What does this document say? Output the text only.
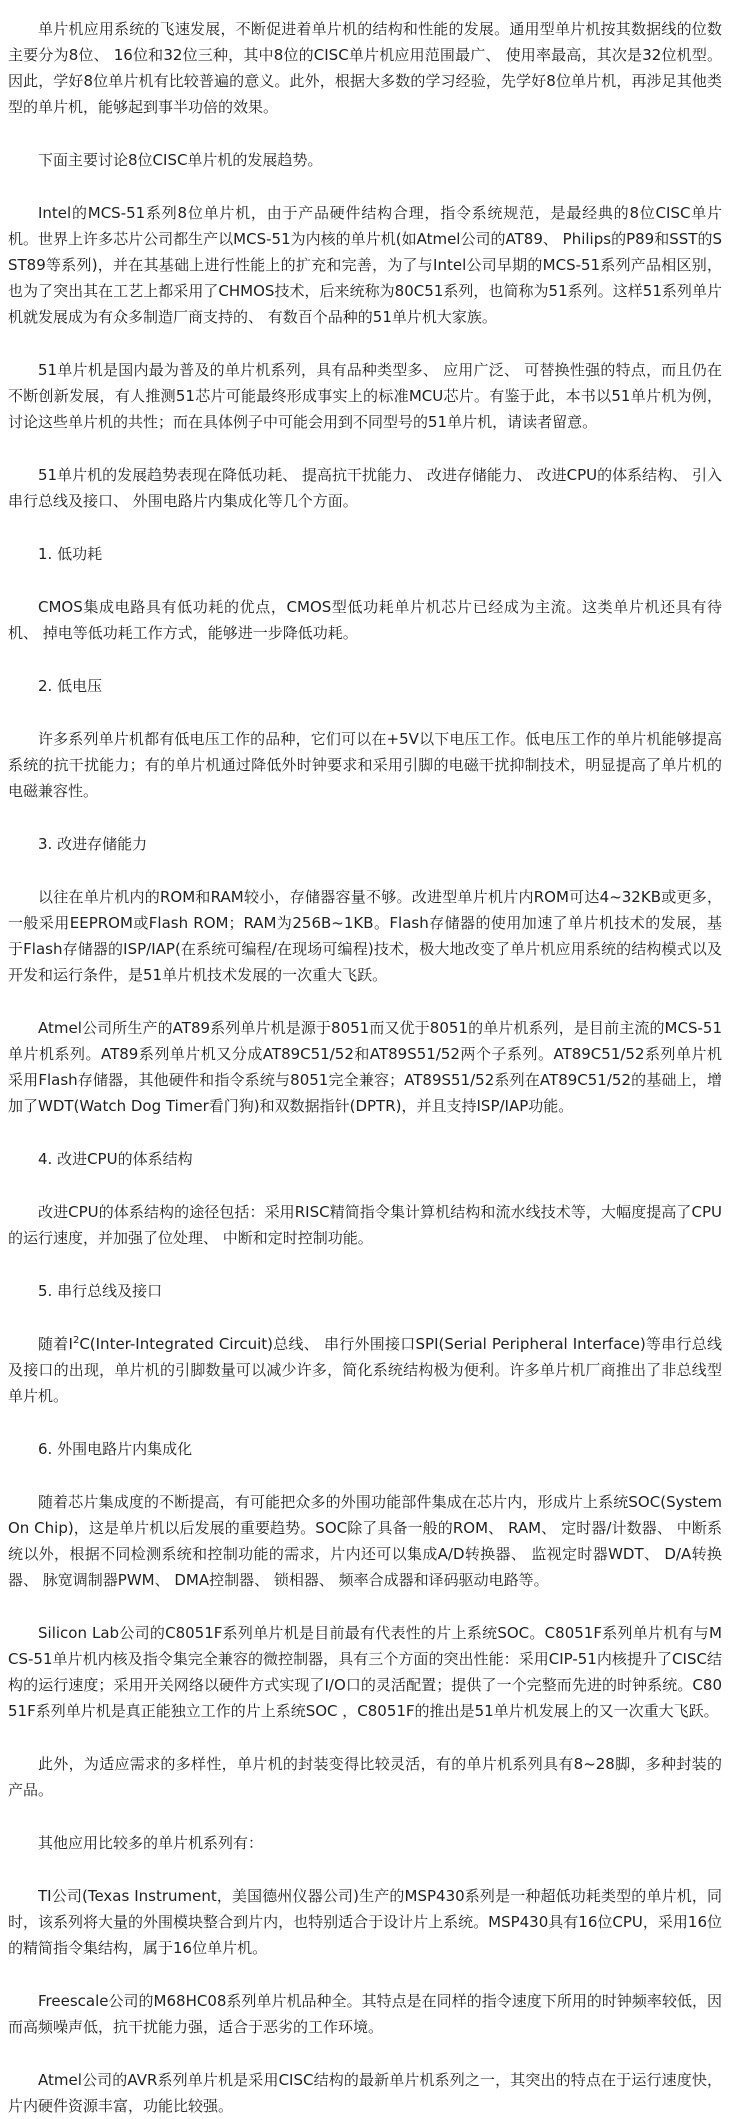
单片机应用系统的飞速发展，不断促进着单片机的结构和性能的发展。通用型单片机按其数据线的位数主要分为8位、 16位和32位三种，其中8位的CISC单片机应用范围最广、 使用率最高，其次是32位机型。因此，学好8位单片机有比较普遍的意义。此外，根据大多数的学习经验，先学好8位单片机，再涉足其他类型的单片机，能够起到事半功倍的效果。

下面主要讨论8位CISC单片机的发展趋势。

Intel的MCS-51系列8位单片机，由于产品硬件结构合理，指令系统规范，是最经典的8位CISC单片机。世界上许多芯片公司都生产以MCS-51为内核的单片机(如Atmel公司的AT89、 Philips的P89和SST的SST89等系列)，并在其基础上进行性能上的扩充和完善，为了与Intel公司早期的MCS-51系列产品相区别，也为了突出其在工艺上都采用了CHMOS技术，后来统称为80C51系列，也简称为51系列。这样51系列单片机就发展成为有众多制造厂商支持的、 有数百个品种的51单片机大家族。

51单片机是国内最为普及的单片机系列，具有品种类型多、 应用广泛、 可替换性强的特点，而且仍在不断创新发展，有人推测51芯片可能最终形成事实上的标准MCU芯片。有鉴于此，本书以51单片机为例，讨论这些单片机的共性；而在具体例子中可能会用到不同型号的51单片机，请读者留意。

51单片机的发展趋势表现在降低功耗、 提高抗干扰能力、 改进存储能力、 改进CPU的体系结构、 引入串行总线及接口、 外围电路片内集成化等几个方面。

1. 低功耗

CMOS集成电路具有低功耗的优点，CMOS型低功耗单片机芯片已经成为主流。这类单片机还具有待机、 掉电等低功耗工作方式，能够进一步降低功耗。

2. 低电压

许多系列单片机都有低电压工作的品种，它们可以在+5V以下电压工作。低电压工作的单片机能够提高系统的抗干扰能力；有的单片机通过降低外时钟要求和采用引脚的电磁干扰抑制技术，明显提高了单片机的电磁兼容性。

3. 改进存储能力

以往在单片机内的ROM和RAM较小，存储器容量不够。改进型单片机片内ROM可达4~32KB或更多，一般采用EEPROM或Flash ROM；RAM为256B~1KB。Flash存储器的使用加速了单片机技术的发展，基于Flash存储器的ISP/IAP(在系统可编程/在现场可编程)技术，极大地改变了单片机应用系统的结构模式以及开发和运行条件，是51单片机技术发展的一次重大飞跃。

Atmel公司所生产的AT89系列单片机是源于8051而又优于8051的单片机系列，是目前主流的MCS-51单片机系列。AT89系列单片机又分成AT89C51/52和AT89S51/52两个子系列。AT89C51/52系列单片机采用Flash存储器，其他硬件和指令系统与8051完全兼容；AT89S51/52系列在AT89C51/52的基础上，增加了WDT(Watch Dog Timer看门狗)和双数据指针(DPTR)，并且支持ISP/IAP功能。

4. 改进CPU的体系结构

改进CPU的体系结构的途径包括：采用RISC精简指令集计算机结构和流水线技术等，大幅度提高了CPU的运行速度，并加强了位处理、 中断和定时控制功能。

5. 串行总线及接口

随着$I^2C(Inter$-Integrated Circuit)总线、 串行外围接口SPI(Serial Peripheral Interface)等串行总线及接口的出现，单片机的引脚数量可以减少许多，简化系统结构极为便利。许多单片机厂商推出了非总线型单片机。

6. 外围电路片内集成化

随着芯片集成度的不断提高，有可能把众多的外围功能部件集成在芯片内，形成片上系统SOC(System On Chip)，这是单片机以后发展的重要趋势。SOC除了具备一般的ROM、 RAM、 定时器/计数器、 中断系统以外，根据不同检测系统和控制功能的需求，片内还可以集成A/D转换器、 监视定时器WDT、 D/A转换器、 脉宽调制器PWM、 DMA控制器、 锁相器、 频率合成器和译码驱动电路等。

Silicon Lab公司的C8051F系列单片机是目前最有代表性的片上系统SOC。C8051F系列单片机有与MCS-51单片机内核及指令集完全兼容的微控制器，具有三个方面的突出性能：采用CIP-51内核提升了CISC结构的运行速度；采用开关网络以硬件方式实现了I/O口的灵活配置；提供了一个完整而先进的时钟系统。C8051F系列单片机是真正能独立工作的片上系统SOC ，C8051F的推出是51单片机发展上的又一次重大飞跃。

此外，为适应需求的多样性，单片机的封装变得比较灵活，有的单片机系列具有8~28脚，多种封装的产品。

其他应用比较多的单片机系列有：

TI公司(Texas Instrument，美国德州仪器公司)生产的MSP430系列是一种超低功耗类型的单片机，同时，该系列将大量的外围模块整合到片内，也特别适合于设计片上系统。MSP430具有16位CPU，采用16位的精简指令集结构，属于16位单片机。

Freescale公司的M68HC08系列单片机品种全。其特点是在同样的指令速度下所用的时钟频率较低，因而高频噪声低，抗干扰能力强，适合于恶劣的工作环境。

Atmel公司的AVR系列单片机是采用CISC结构的最新单片机系列之一，其突出的特点在于运行速度快，片内硬件资源丰富，功能比较强。
